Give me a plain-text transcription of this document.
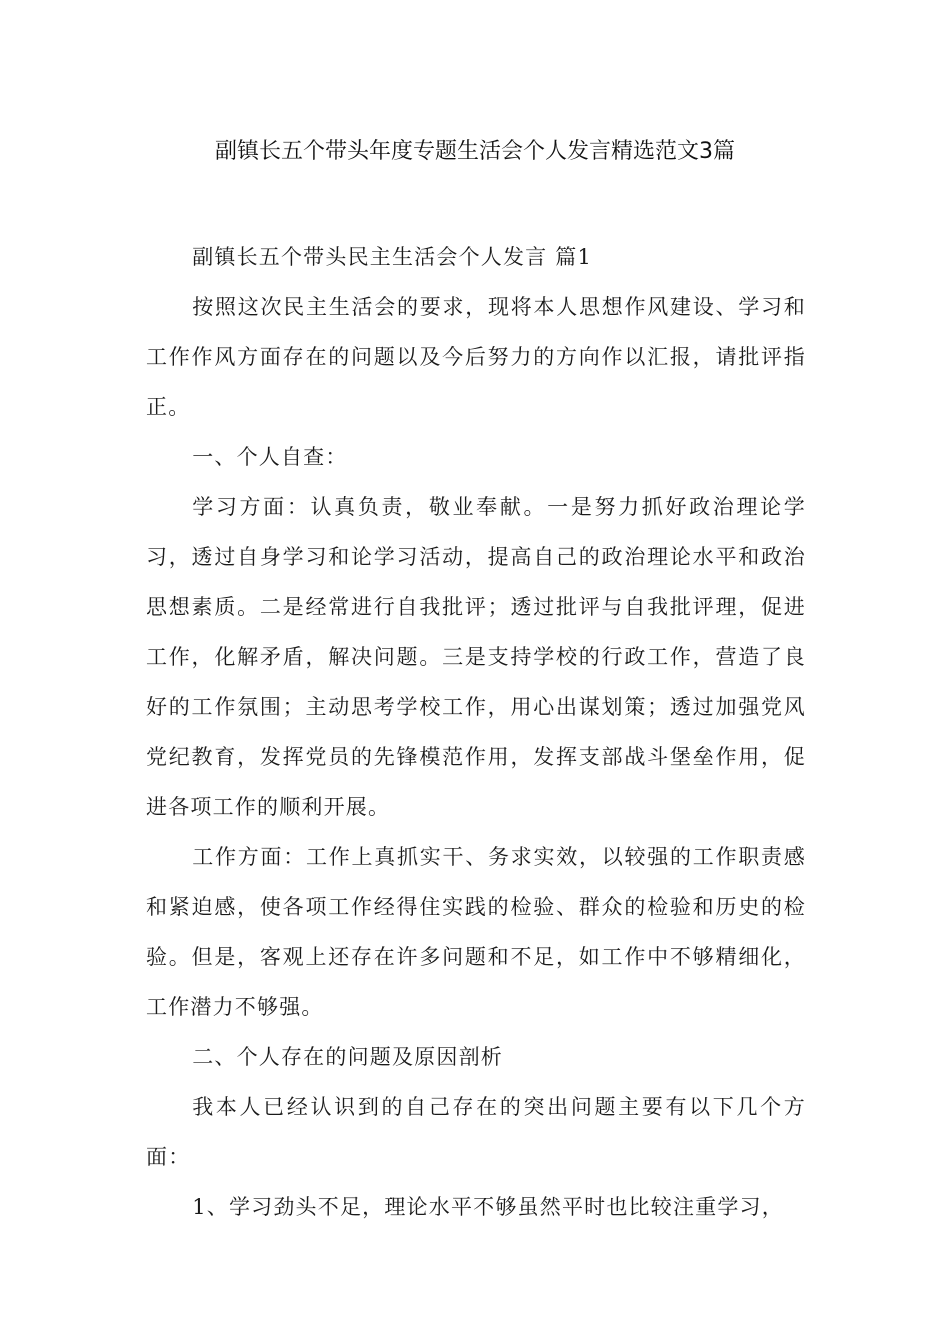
副镇长五个带头年度专题生活会个人发言精选范文3篇

副镇长五个带头民主生活会个人发言 篇1

按照这次民主生活会的要求，现将本人思想作风建设、学习和工作作风方面存在的问题以及今后努力的方向作以汇报，请批评指正。

一、个人自查：

学习方面：认真负责，敬业奉献。一是努力抓好政治理论学习，透过自身学习和论学习活动，提高自己的政治理论水平和政治思想素质。二是经常进行自我批评；透过批评与自我批评理，促进工作，化解矛盾，解决问题。三是支持学校的行政工作，营造了良好的工作氛围；主动思考学校工作，用心出谋划策；透过加强党风党纪教育，发挥党员的先锋模范作用，发挥支部战斗堡垒作用，促进各项工作的顺利开展。

工作方面：工作上真抓实干、务求实效，以较强的工作职责感和紧迫感，使各项工作经得住实践的检验、群众的检验和历史的检验。但是，客观上还存在许多问题和不足，如工作中不够精细化，工作潜力不够强。

二、个人存在的问题及原因剖析

我本人已经认识到的自己存在的突出问题主要有以下几个方面：

1、学习劲头不足，理论水平不够虽然平时也比较注重学习，
